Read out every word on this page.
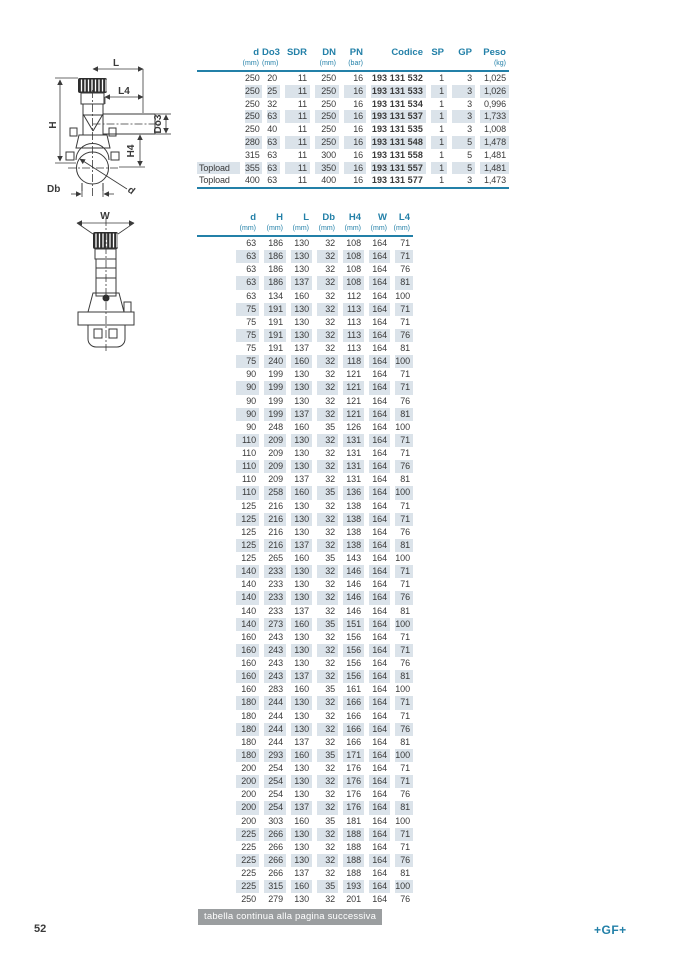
L
L4
H	Do3
H4
Db	d
W
	d	Do3	SDR	DN	PN	Codice	SP	GP	Peso
	(mm)	(mm)		(mm)	(bar)				(kg)

	250	20	11	250	16	193 131 532	1	3	1,025

	250	25	11	250	16	193 131 533	1	3	1,026

	250	32	11	250	16	193 131 534	1	3	0,996

	250	63	11	250	16	193 131 537	1	3	1,733

	250	40	11	250	16	193 131 535	1	3	1,008

	280	63	11	250	16	193 131 548	1	5	1,478

	315	63	11	300	16	193 131 558	1	5	1,481

Topload	355	63	11	350	16	193 131 557	1	5	1,481

Topload	400	63	11	400	16	193 131 577	1	3	1,473
	d	H	L	Db	H4	W	L4
	(mm)	(mm)	(mm)	(mm)	(mm)	(mm)	(mm)

	63	186	130	32	108	164	71

	63	186	130	32	108	164	71

	63	186	130	32	108	164	76

	63	186	137	32	108	164	81

	63	134	160	32	112	164	100

	75	191	130	32	113	164	71

	75	191	130	32	113	164	71

	75	191	130	32	113	164	76

	75	191	137	32	113	164	81

	75	240	160	32	118	164	100

	90	199	130	32	121	164	71

	90	199	130	32	121	164	71

	90	199	130	32	121	164	76

	90	199	137	32	121	164	81

	90	248	160	35	126	164	100

	110	209	130	32	131	164	71

	110	209	130	32	131	164	71

	110	209	130	32	131	164	76

	110	209	137	32	131	164	81

	110	258	160	35	136	164	100

	125	216	130	32	138	164	71

	125	216	130	32	138	164	71

	125	216	130	32	138	164	76

	125	216	137	32	138	164	81

	125	265	160	35	143	164	100

	140	233	130	32	146	164	71

	140	233	130	32	146	164	71

	140	233	130	32	146	164	76

	140	233	137	32	146	164	81

	140	273	160	35	151	164	100

	160	243	130	32	156	164	71

	160	243	130	32	156	164	71

	160	243	130	32	156	164	76

	160	243	137	32	156	164	81

	160	283	160	35	161	164	100

	180	244	130	32	166	164	71

	180	244	130	32	166	164	71

	180	244	130	32	166	164	76

	180	244	137	32	166	164	81

	180	293	160	35	171	164	100

	200	254	130	32	176	164	71

	200	254	130	32	176	164	71

	200	254	130	32	176	164	76

	200	254	137	32	176	164	81

	200	303	160	35	181	164	100

	225	266	130	32	188	164	71

	225	266	130	32	188	164	71

	225	266	130	32	188	164	76

	225	266	137	32	188	164	81

	225	315	160	35	193	164	100

	250	279	130	32	201	164	76
tabella continua alla pagina successiva
52	+GF+
